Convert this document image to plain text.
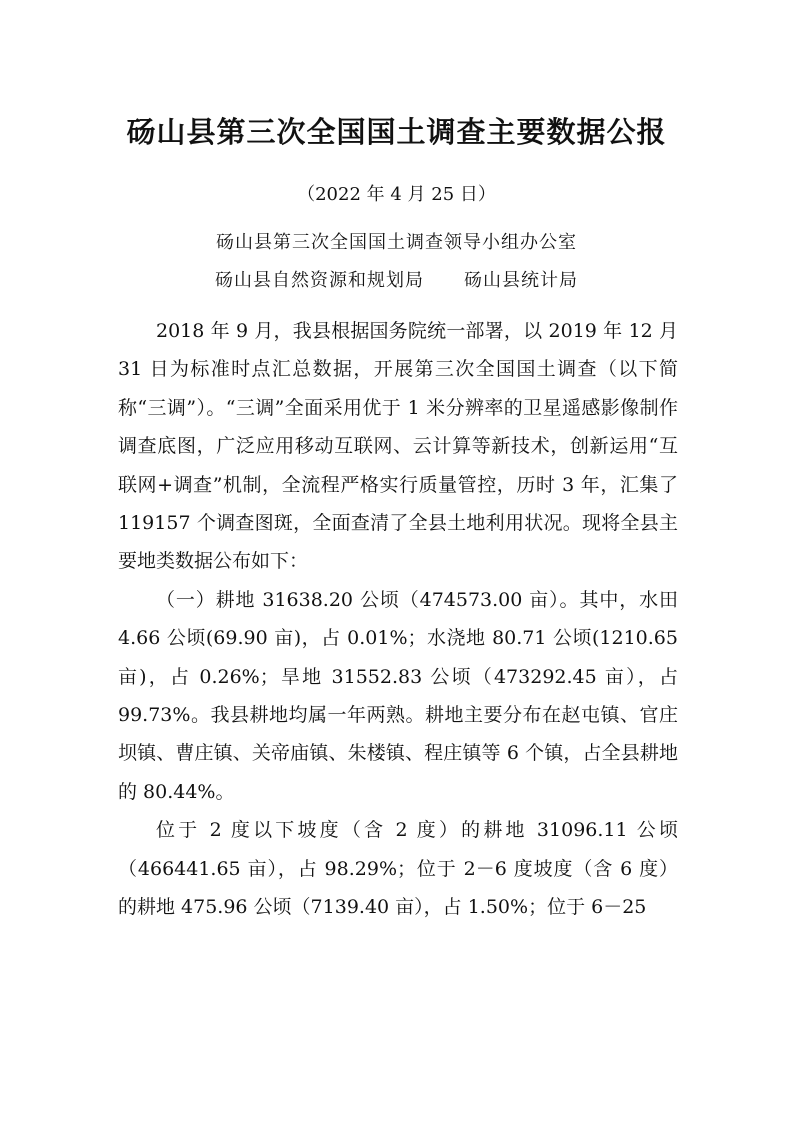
砀山县第三次全国国土调查主要数据公报
（2022 年 4 月 25 日）
砀山县第三次全国国土调查领导小组办公室
砀山县自然资源和规划局 砀山县统计局

2018 年 9 月，我县根据国务院统一部署，以 2019 年 12 月 31 日为标准时点汇总数据，开展第三次全国国土调查（以下简称“三调”）。“三调”全面采用优于 1 米分辨率的卫星遥感影像制作调查底图，广泛应用移动互联网、云计算等新技术，创新运用“互联网+调查”机制，全流程严格实行质量管控，历时 3 年，汇集了 119157 个调查图斑，全面查清了全县土地利用状况。现将全县主要地类数据公布如下：

（一）耕地 31638.20 公顷（474573.00 亩）。其中，水田 4.66 公顷(69.90 亩)，占 0.01%；水浇地 80.71 公顷(1210.65 亩)，占 0.26%；旱地 31552.83 公顷（473292.45 亩），占 99.73%。我县耕地均属一年两熟。耕地主要分布在赵屯镇、官庄坝镇、曹庄镇、关帝庙镇、朱楼镇、程庄镇等 6 个镇，占全县耕地的 80.44%。

位于 2 度以下坡度（含 2 度）的耕地 31096.11 公顷（466441.65 亩），占 98.29%；位于 2－6 度坡度（含 6 度）的耕地 475.96 公顷（7139.40 亩），占 1.50%；位于 6－25
